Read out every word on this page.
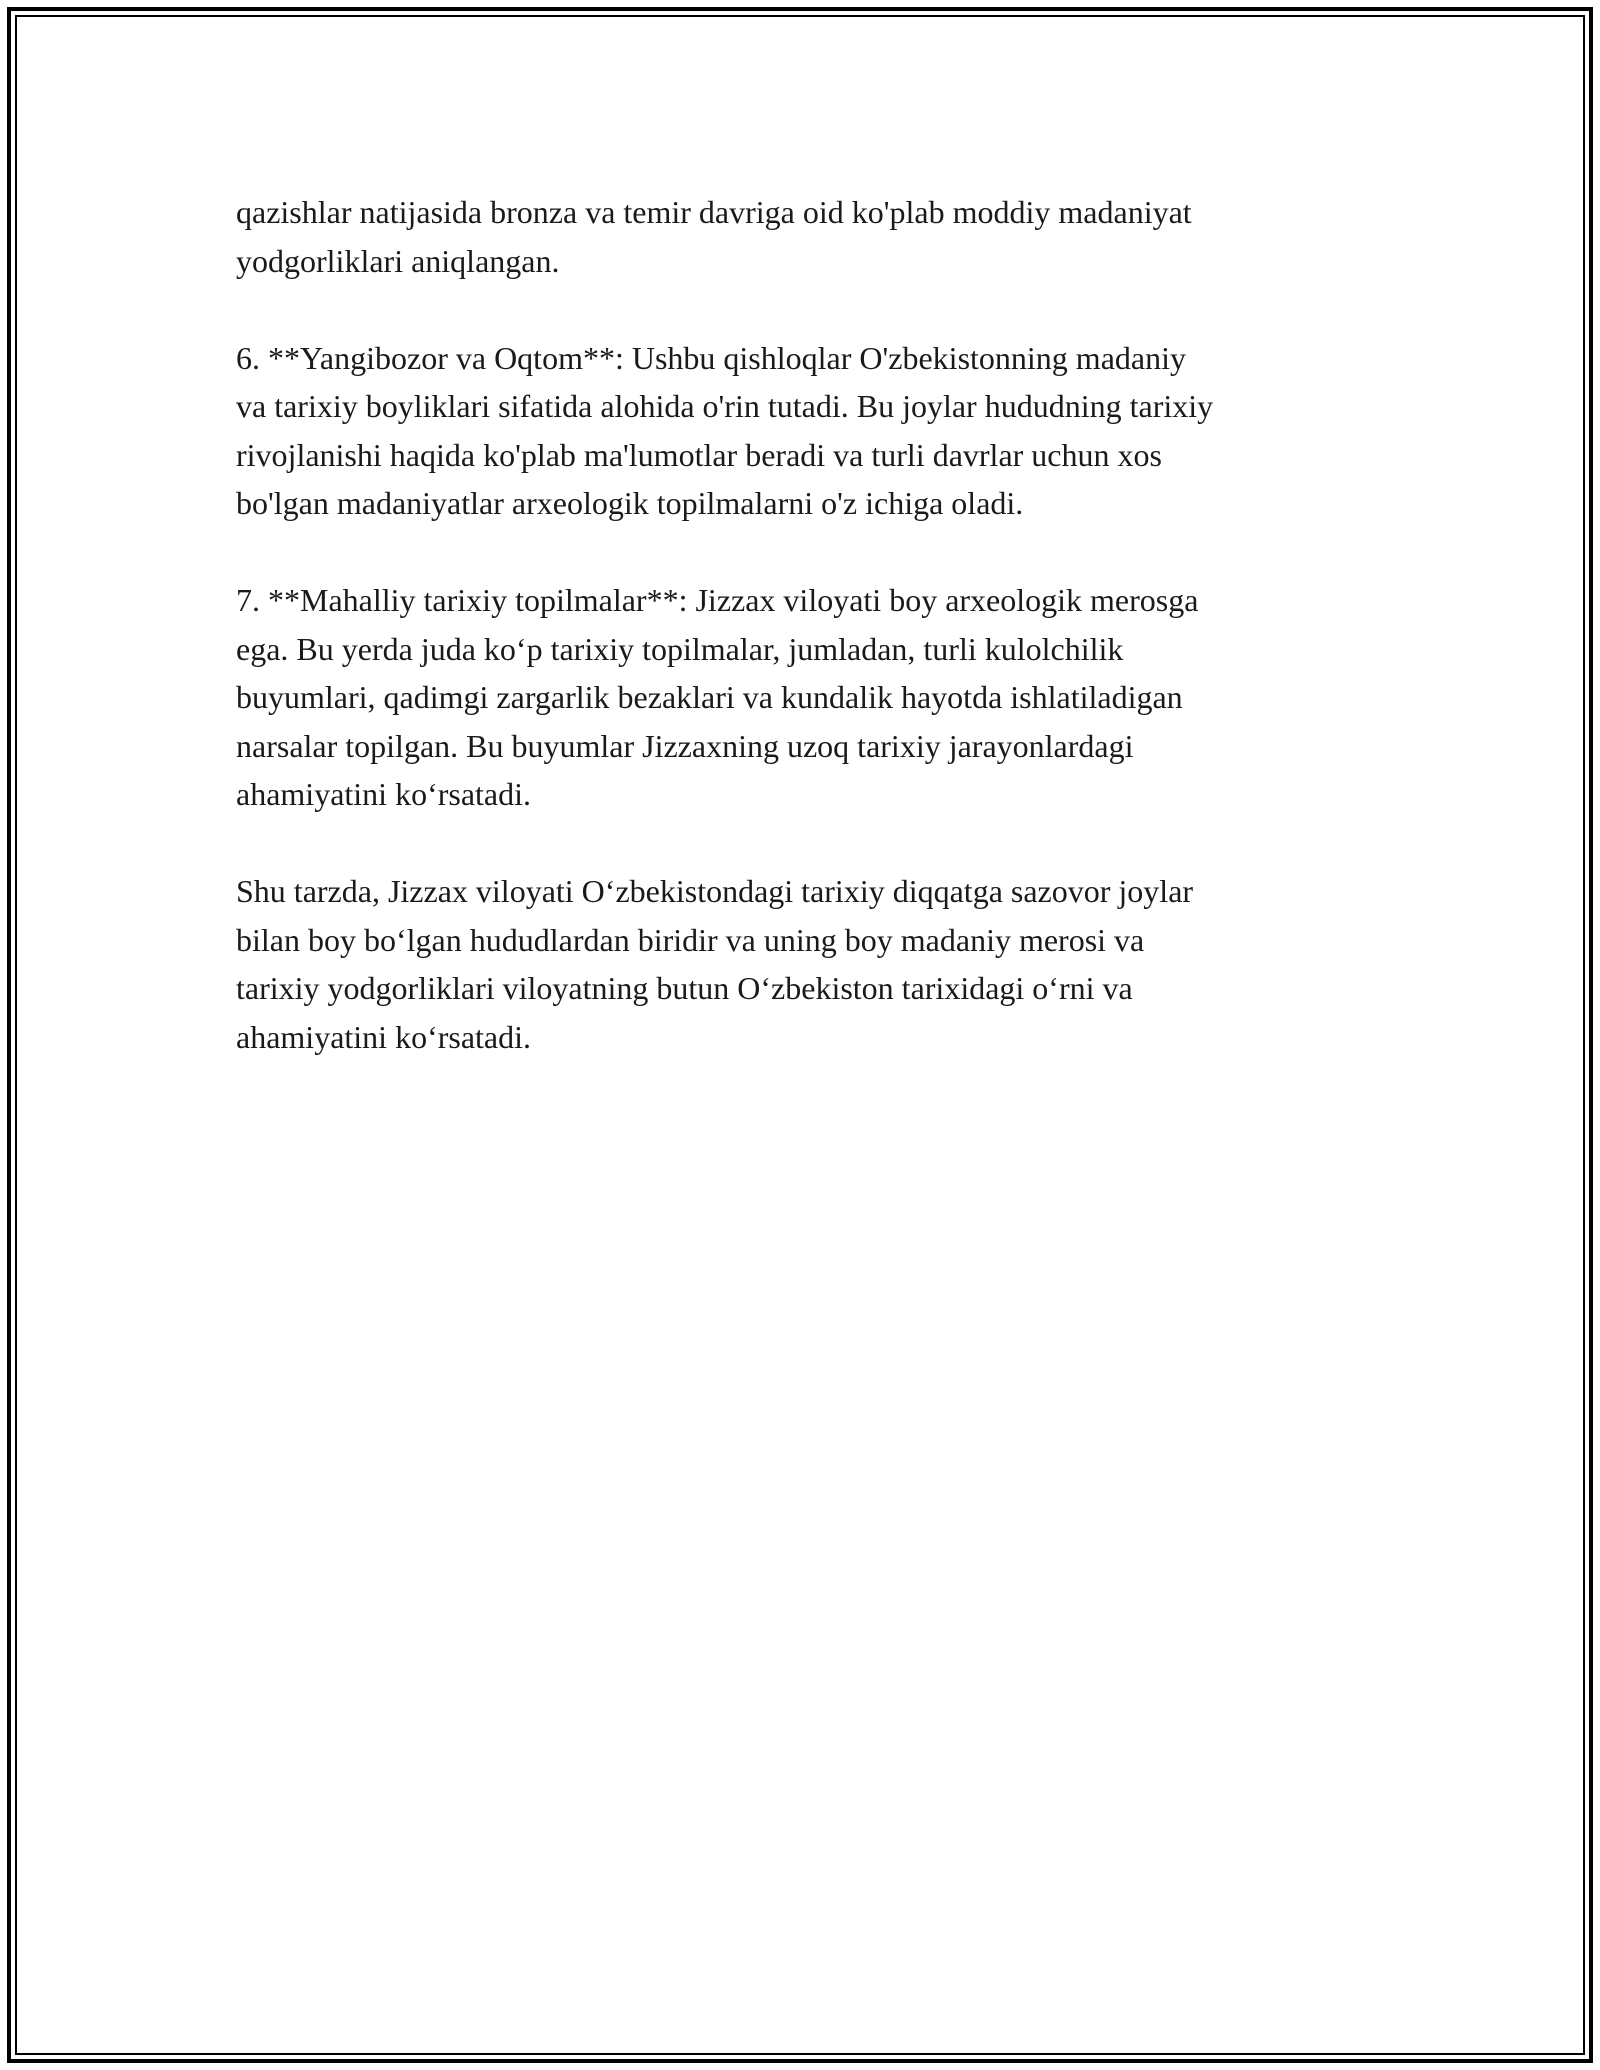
qazishlar natijasida bronza va temir davriga oid ko'plab moddiy madaniyat
yodgorliklari aniqlangan.

6. **Yangibozor va Oqtom**: Ushbu qishloqlar O'zbekistonning madaniy
va tarixiy boyliklari sifatida alohida o'rin tutadi. Bu joylar hududning tarixiy
rivojlanishi haqida ko'plab ma'lumotlar beradi va turli davrlar uchun xos
bo'lgan madaniyatlar arxeologik topilmalarni o'z ichiga oladi.

7. **Mahalliy tarixiy topilmalar**: Jizzax viloyati boy arxeologik merosga
ega. Bu yerda juda ko‘p tarixiy topilmalar, jumladan, turli kulolchilik
buyumlari, qadimgi zargarlik bezaklari va kundalik hayotda ishlatiladigan
narsalar topilgan. Bu buyumlar Jizzaxning uzoq tarixiy jarayonlardagi
ahamiyatini ko‘rsatadi.

Shu tarzda, Jizzax viloyati O‘zbekistondagi tarixiy diqqatga sazovor joylar
bilan boy bo‘lgan hududlardan biridir va uning boy madaniy merosi va
tarixiy yodgorliklari viloyatning butun O‘zbekiston tarixidagi o‘rni va
ahamiyatini ko‘rsatadi.
